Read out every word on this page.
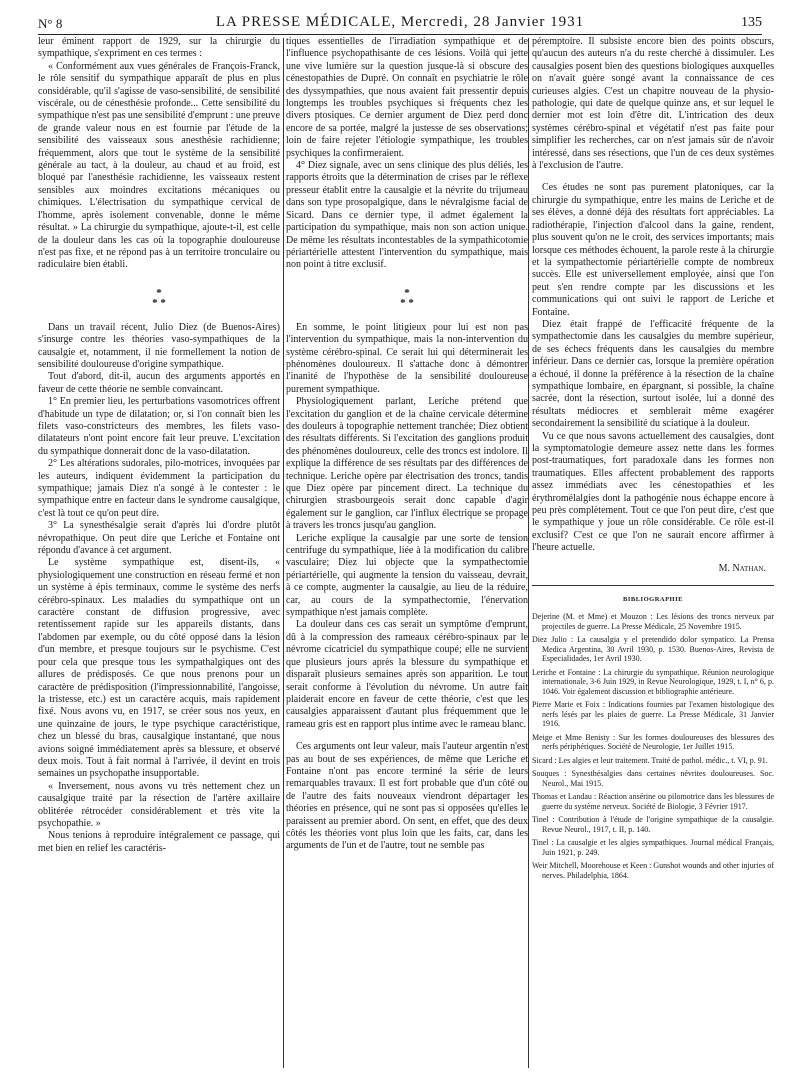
N° 8	LA PRESSE MÉDICALE, Mercredi, 28 Janvier 1931	135

leur éminent rapport de 1929, sur la chirurgie du sympathique, s'expriment en ces termes :

« Conformément aux vues générales de François-Franck, le rôle sensitif du sympathique apparaît de plus en plus considérable, qu'il s'agisse de vaso-sensibilité, de sensibilité viscérale, ou de cénesthésie profonde... Cette sensibilité du sympathique n'est pas une sensibilité d'emprunt : une preuve de grande valeur nous en est fournie par l'étude de la sensibilité des vaisseaux sous anesthésie rachidienne; fréquemment, alors que tout le système de la sensibilité générale au tact, à la douleur, au chaud et au froid, est bloqué par l'anesthésie rachidienne, les vaisseaux restent sensibles aux moindres excitations mécaniques ou chimiques. L'électrisation du sympathique cervical de l'homme, après isolement convenable, donne le même résultat. » La chirurgie du sympathique, ajoute-t-il, est celle de la douleur dans les cas où la topographie douloureuse n'est pas fixe, et ne répond pas à un territoire tronculaire ou radiculaire bien établi.

*
* *

Dans un travail récent, Julio Diez (de Buenos-Aires) s'insurge contre les théories vaso-sympathiques de la causalgie et, notamment, il nie formellement la notion de sensibilité douloureuse d'origine sympathique.

Tout d'abord, dit-il, aucun des arguments apportés en faveur de cette théorie ne semble convaincant.

1° En premier lieu, les perturbations vasomotrices offrent d'habitude un type de dilatation; or, si l'on connaît bien les filets vaso-constricteurs des membres, les filets vaso-dilatateurs n'ont point encore fait leur preuve. L'excitation du sympathique donnerait donc de la vaso-dilatation.

2° Les altérations sudorales, pilo-motrices, invoquées par les auteurs, indiquent évidemment la participation du sympathique; jamais Diez n'a songé à le contester : le sympathique entre en facteur dans le syndrome causalgique, c'est là tout ce qu'on peut dire.

3° La synesthésalgie serait d'après lui d'ordre plutôt névropathique. On peut dire que Leriche et Fontaine ont répondu d'avance à cet argument.

Le système sympathique est, disent-ils, « physiologiquement une construction en réseau fermé et non un système à épis terminaux, comme le système des nerfs cérébro-spinaux. Les maladies du sympathique ont un caractère constant de diffusion progressive, avec retentissement rapide sur les appareils distants, dans l'abdomen par exemple, ou du côté opposé dans la lésion d'un membre, et presque toujours sur le psychisme. C'est pour cela que presque tous les sympathalgiques ont des allures de prédisposés. Ce que nous prenons pour un caractère de prédisposition (l'impressionnabilité, l'angoisse, la tristesse, etc.) est un caractère acquis, mais rapidement fixé. Nous avons vu, en 1917, se créer sous nos yeux, en une quinzaine de jours, le type psychique caractéristique, chez un blessé du bras, causalgique instantané, que nous avions soigné immédiatement après sa blessure, et observé deux mois. Tout à fait normal à l'arrivée, il devint en trois semaines un psychopathe insupportable.

« Inversement, nous avons vu très nettement chez un causalgique traité par la résection de l'artère axillaire oblitérée rétrocéder considérablement et très vite la psychopathie. »

Nous tenions à reproduire intégralement ce passage, qui met bien en relief les caractéris-

tiques essentielles de l'irradiation sympathique et de l'influence psychopathisante de ces lésions. Voilà qui jette une vive lumière sur la question jusque-là si obscure des cénestopathies de Dupré. On connaît en psychiatrie le rôle des dyssympathies, que nous avaient fait pressentir depuis longtemps les troubles psychiques si fréquents chez les divers ptosiques. Ce dernier argument de Diez perd donc encore de sa portée, malgré la justesse de ses observations; loin de faire rejeter l'étiologie sympathique, les troubles psychiques la confirmeraient.

4° Diez signale, avec un sens clinique des plus déliés, les rapports étroits que la détermination de crises par le réflexe presseur établit entre la causalgie et la névrite du trijumeau dans son type prosopalgique, dans le névralgisme facial de Sicard. Dans ce dernier type, il admet également la participation du sympathique, mais non son action unique. De même les résultats incontestables de la sympathicotomie périartérielle attestent l'intervention du sympathique, mais non point à titre exclusif.

*
* *

En somme, le point litigieux pour lui est non pas l'intervention du sympathique, mais la non-intervention du système cérébro-spinal. Ce serait lui qui déterminerait les phénomènes douloureux. Il s'attache donc à démontrer l'inanité de l'hypothèse de la sensibilité douloureuse purement sympathique.

Physiologiquement parlant, Leriche prétend que l'excitation du ganglion et de la chaîne cervicale détermine des douleurs à topographie nettement tranchée; Diez obtient des résultats différents. Si l'excitation des ganglions produit des phénomènes douloureux, celle des troncs est indolore. Il explique la différence de ses résultats par des différences de technique. Leriche opère par électrisation des troncs, tandis que Diez opère par pincement direct. La technique du chirurgien strasbourgeois serait donc capable d'agir également sur le ganglion, car l'influx électrique se propage à travers les troncs jusqu'au ganglion.

Leriche explique la causalgie par une sorte de tension centrifuge du sympathique, liée à la modification du calibre vasculaire; Diez lui objecte que la sympathectomie périartérielle, qui augmente la tension du vaisseau, devrait, à ce compte, augmenter la causalgie, au lieu de la réduire, car, au cours de la sympathectomie, l'énervation sympathique n'est jamais complète.

La douleur dans ces cas serait un symptôme d'emprunt, dû à la compression des rameaux cérébro-spinaux par le névrome cicatriciel du sympathique coupé; elle ne survient que plusieurs jours après la blessure du sympathique et disparaît plusieurs semaines après son apparition. Le tout serait conforme à l'évolution du névrome. Un autre fait plaiderait encore en faveur de cette théorie, c'est que les causalgies apparaissent d'autant plus fréquemment que le rameau gris est en rapport plus intime avec le rameau blanc.

Ces arguments ont leur valeur, mais l'auteur argentin n'est pas au bout de ses expériences, de même que Leriche et Fontaine n'ont pas encore terminé la série de leurs remarquables travaux. Il est fort probable que d'un côté ou de l'autre des faits nouveaux viendront départager les théories en présence, qui ne sont pas si opposées qu'elles le paraissent au premier abord. On sent, en effet, que des deux côtés les théories vont plus loin que les faits, car, dans les arguments de l'un et de l'autre, tout ne semble pas

péremptoire. Il subsiste encore bien des points obscurs, qu'aucun des auteurs n'a du reste cherché à dissimuler. Les causalgies posent bien des questions biologiques auxquelles on n'avait guère songé avant la connaissance de ces curieuses algies. C'est un chapitre nouveau de la physio-pathologie, qui date de quelque quinze ans, et sur lequel le dernier mot est loin d'être dit. L'intrication des deux systèmes cérébro-spinal et végétatif n'est pas faite pour simplifier les recherches, car on n'est jamais sûr de n'avoir intéressé, dans ses résections, que l'un de ces deux systèmes à l'exclusion de l'autre.

Ces études ne sont pas purement platoniques, car la chirurgie du sympathique, entre les mains de Leriche et de ses élèves, a donné déjà des résultats fort appréciables. La radiothérapie, l'injection d'alcool dans la gaine, rendent, plus souvent qu'on ne le croit, des services importants; mais lorsque ces méthodes échouent, la parole reste à la chirurgie et la sympathectomie périartérielle compte de nombreux succès. Elle est universellement employée, ainsi que l'on peut s'en rendre compte par les discussions et les communications qui ont suivi le rapport de Leriche et Fontaine.

Diez était frappé de l'efficacité fréquente de la sympathectomie dans les causalgies du membre supérieur, de ses échecs fréquents dans les causalgies du membre inférieur. Dans ce dernier cas, lorsque la première opération a échoué, il donne la préférence à la résection de la chaîne sympathique lombaire, en épargnant, si possible, la chaîne sacrée, dont la résection, surtout isolée, lui a donné des résultats médiocres et semblerait même exagérer secondairement la sensibilité du sciatique à la douleur.

Vu ce que nous savons actuellement des causalgies, dont la symptomatologie demeure assez nette dans les formes post-traumatiques, fort paradoxale dans les formes non traumatiques. Elles affectent probablement des rapports assez immédiats avec les cénestopathies et les érythromélalgies dont la pathogénie nous échappe encore à peu près complètement. Tout ce que l'on peut dire, c'est que le sympathique y joue un rôle considérable. Ce rôle est-il exclusif? C'est ce que l'on ne saurait encore affirmer à l'heure actuelle.

M. Nathan.
BIBLIOGRAPHIE

Dejerine (M. et Mme) et Mouzon : Les lésions des troncs nerveux par projectiles de guerre. La Presse Médicale, 25 Novembre 1915.

Diez Julio : La causalgia y el pretendido dolor sympatico. La Prensa Medica Argentina, 30 Avril 1930, p. 1530. Buenos-Aires, Revista de Especialidades, 1er Avril 1930.

Leriche et Fontaine : La chirurgie du sympathique. Réunion neurologique internationale, 3-6 Juin 1929, in Revue Neurologique, 1929, t. I, n° 6, p. 1046. Voir également discussion et bibliographie antérieure.

Pierre Marie et Foix : Indications fournies par l'examen histologique des nerfs lésés par les plaies de guerre. La Presse Médicale, 31 Janvier 1916.

Meige et Mme Benisty : Sur les formes douloureuses des blessures des nerfs périphériques. Société de Neurologie, 1er Juillet 1915.

Sicard : Les algies et leur traitement. Traité de pathol. médic., t. VI, p. 91.

Souques : Synesthésalgies dans certaines névrites douloureuses. Soc. Neurol., Mai 1915.

Thomas et Landau : Réaction ansérine ou pilomotrice dans les blessures de guerre du système nerveux. Société de Biologie, 3 Février 1917.

Tinel : Contribution à l'étude de l'origine sympathique de la causalgie. Revue Neurol., 1917, t. II, p. 140.

Tinel : La causalgie et les algies sympathiques. Journal médical Français, Juin 1921, p. 249.

Weir Mitchell, Moorehouse et Keen : Gunshot wounds and other injuries of nerves. Philadelphia, 1864.
